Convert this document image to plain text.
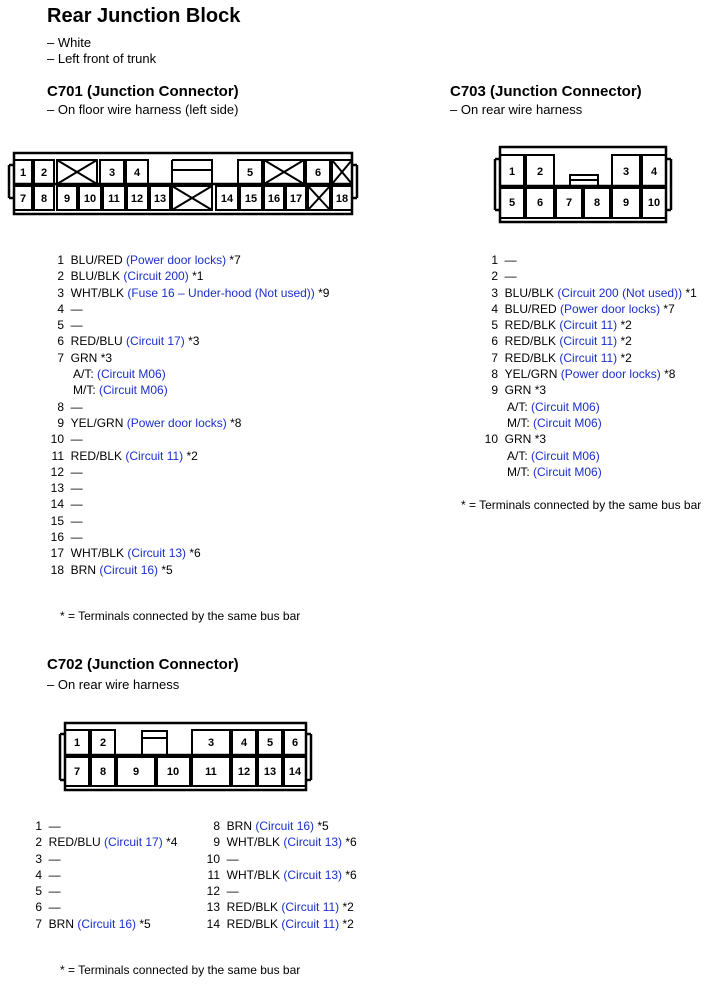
Rear Junction Block
– White
– Left front of trunk
C701 (Junction Connector)
– On floor wire harness (left side)
1 2	3 4	5	6
7 8 9 10 11 12 13	14 15 16 17	18
1 2	3 4
5 6 7 8 9 10
1 2	3 4 5 6
7 8 9	10 11 12 13 14
1 BLU/RED (Power door locks) *7
2 BLU/BLK (Circuit 200) *1
3 WHT/BLK (Fuse 16 – Under-hood (Not used)) *9
4 —
5 —
6 RED/BLU (Circuit 17) *3
7 GRN *3
A/T: (Circuit M06)
M/T: (Circuit M06)
8 —
9 YEL/GRN (Power door locks) *8
10 —
11 RED/BLK (Circuit 11) *2
12 —
13 —
14 —
15 —
16 —
17 WHT/BLK (Circuit 13) *6
18 BRN (Circuit 16) *5
* = Terminals connected by the same bus bar
C703 (Junction Connector)
– On rear wire harness
1 —
2 —
3 BLU/BLK (Circuit 200 (Not used)) *1
4 BLU/RED (Power door locks) *7
5 RED/BLK (Circuit 11) *2
6 RED/BLK (Circuit 11) *2
7 RED/BLK (Circuit 11) *2
8 YEL/GRN (Power door locks) *8
9 GRN *3
A/T: (Circuit M06)
M/T: (Circuit M06)
10 GRN *3
A/T: (Circuit M06)
M/T: (Circuit M06)
* = Terminals connected by the same bus bar
C702 (Junction Connector)
– On rear wire harness
1 —
2 RED/BLU (Circuit 17) *4
3 —
4 —
5 —
6 —
7 BRN (Circuit 16) *5
8 BRN (Circuit 16) *5
9 WHT/BLK (Circuit 13) *6
10 —
11 WHT/BLK (Circuit 13) *6
12 —
13 RED/BLK (Circuit 11) *2
14 RED/BLK (Circuit 11) *2
* = Terminals connected by the same bus bar
